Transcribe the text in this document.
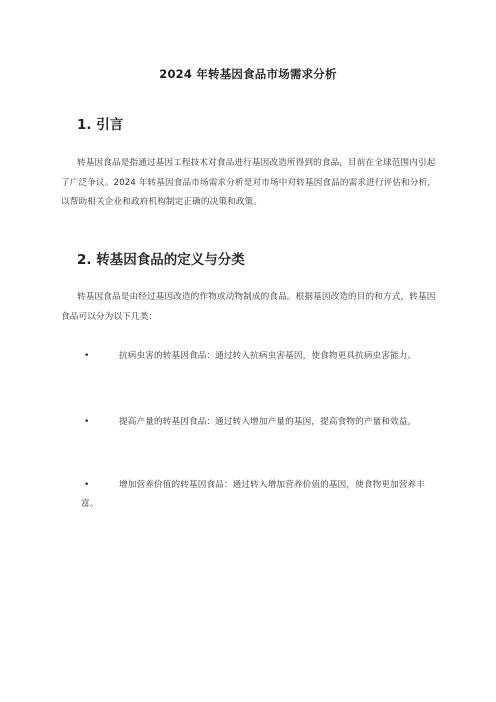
2024 年转基因食品市场需求分析
1. 引言

转基因食品是指通过基因工程技术对食品进行基因改造所得到的食品，目前在全球范围内引起了广泛争议。2024 年转基因食品市场需求分析是对市场中对转基因食品的需求进行评估和分析，以帮助相关企业和政府机构制定正确的决策和政策。

2. 转基因食品的定义与分类

转基因食品是由经过基因改造的作物或动物制成的食品。根据基因改造的目的和方式，转基因食品可以分为以下几类：

•	抗病虫害的转基因食品：通过转入抗病虫害基因，使食物更具抗病虫害能力。
•	提高产量的转基因食品：通过转入增加产量的基因，提高食物的产量和效益。
•	增加营养价值的转基因食品：通过转入增加营养价值的基因，使食物更加营养丰富。
